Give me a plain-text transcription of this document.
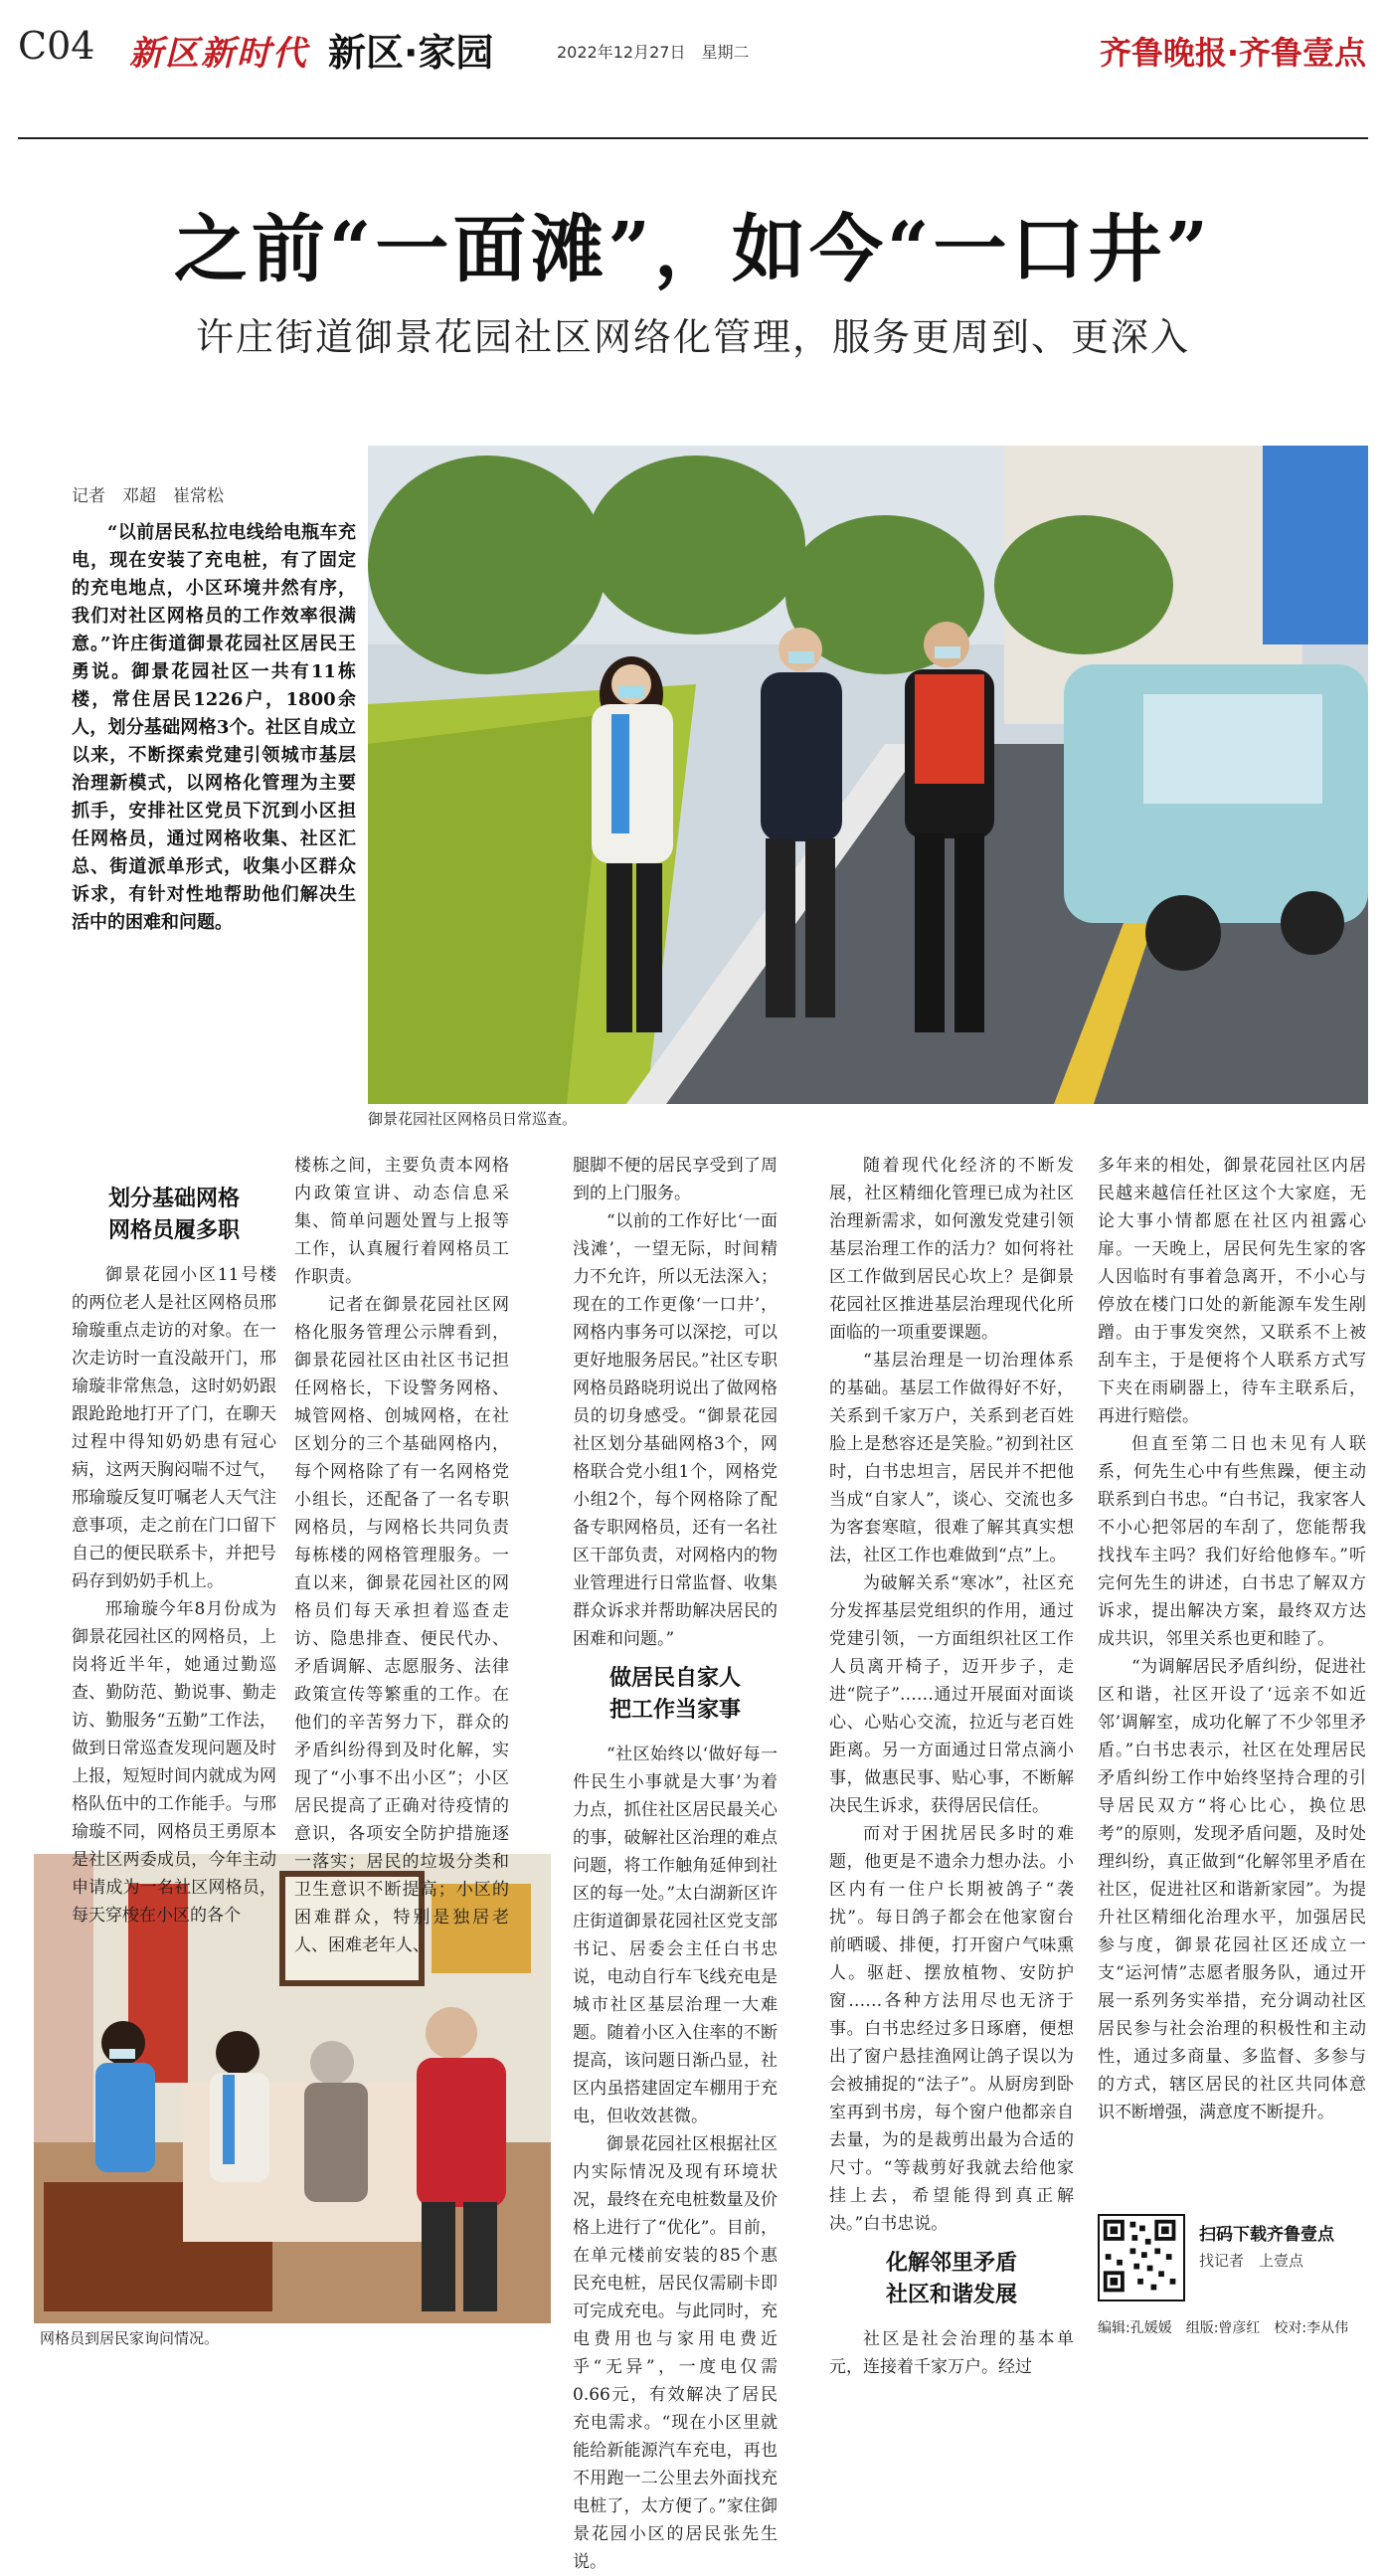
C04 新区新时代 新区·家园	2022年12月27日　星期二	齐鲁晚报·齐鲁壹点
之前“一面滩”，如今“一口井”
许庄街道御景花园社区网络化管理，服务更周到、更深入
记者　邓超　崔常松

“以前居民私拉电线给电瓶车充电，现在安装了充电桩，有了固定的充电地点，小区环境井然有序，我们对社区网格员的工作效率很满意。”许庄街道御景花园社区居民王勇说。御景花园社区一共有11栋楼，常住居民1226户，1800余人，划分基础网格3个。社区自成立以来，不断探索党建引领城市基层治理新模式，以网格化管理为主要抓手，安排社区党员下沉到小区担任网格员，通过网格收集、社区汇总、街道派单形式，收集小区群众诉求，有针对性地帮助他们解决生活中的困难和问题。

御景花园社区网格员日常巡查。
网格员到居民家询问情况。
划分基础网格
网格员履多职

御景花园小区11号楼的两位老人是社区网格员邢瑜璇重点走访的对象。在一次走访时一直没敲开门，邢瑜璇非常焦急，这时奶奶跟跟跄跄地打开了门，在聊天过程中得知奶奶患有冠心病，这两天胸闷喘不过气，邢瑜璇反复叮嘱老人天气注意事项，走之前在门口留下自己的便民联系卡，并把号码存到奶奶手机上。

邢瑜璇今年8月份成为御景花园社区的网格员，上岗将近半年，她通过勤巡查、勤防范、勤说事、勤走访、勤服务“五勤”工作法，做到日常巡查发现问题及时上报，短短时间内就成为网格队伍中的工作能手。与邢瑜璇不同，网格员王勇原本是社区两委成员，今年主动申请成为一名社区网格员，每天穿梭在小区的各个

楼栋之间，主要负责本网格内政策宣讲、动态信息采集、简单问题处置与上报等工作，认真履行着网格员工作职责。

记者在御景花园社区网格化服务管理公示牌看到，御景花园社区由社区书记担任网格长，下设警务网格、城管网格、创城网格，在社区划分的三个基础网格内，每个网格除了有一名网格党小组长，还配备了一名专职网格员，与网格长共同负责每栋楼的网格管理服务。一直以来，御景花园社区的网格员们每天承担着巡查走访、隐患排查、便民代办、矛盾调解、志愿服务、法律政策宣传等繁重的工作。在他们的辛苦努力下，群众的矛盾纠纷得到及时化解，实现了“小事不出小区”；小区居民提高了正确对待疫情的意识，各项安全防护措施逐一落实；居民的垃圾分类和卫生意识不断提高；小区的困难群众，特别是独居老人、困难老年人、

腿脚不便的居民享受到了周到的上门服务。

“以前的工作好比‘一面浅滩’，一望无际，时间精力不允许，所以无法深入；现在的工作更像‘一口井’，网格内事务可以深挖，可以更好地服务居民。”社区专职网格员路晓玥说出了做网格员的切身感受。“御景花园社区划分基础网格3个，网格联合党小组1个，网格党小组2个，每个网格除了配备专职网格员，还有一名社区干部负责，对网格内的物业管理进行日常监督、收集群众诉求并帮助解决居民的困难和问题。”

做居民自家人
把工作当家事

“社区始终以‘做好每一件民生小事就是大事’为着力点，抓住社区居民最关心的事，破解社区治理的难点问题，将工作触角延伸到社区的每一处。”太白湖新区许庄街道御景花园社区党支部书记、居委会主任白书忠说，电动自行车飞线充电是城市社区基层治理一大难题。随着小区入住率的不断提高，该问题日渐凸显，社区内虽搭建固定车棚用于充电，但收效甚微。

御景花园社区根据社区内实际情况及现有环境状况，最终在充电桩数量及价格上进行了“优化”。目前，在单元楼前安装的85个惠民充电桩，居民仅需刷卡即可完成充电。与此同时，充电费用也与家用电费近乎“无异”，一度电仅需0.66元，有效解决了居民充电需求。“现在小区里就能给新能源汽车充电，再也不用跑一二公里去外面找充电桩了，太方便了。”家住御景花园小区的居民张先生说。

随着现代化经济的不断发展，社区精细化管理已成为社区治理新需求，如何激发党建引领基层治理工作的活力？如何将社区工作做到居民心坎上？是御景花园社区推进基层治理现代化所面临的一项重要课题。

“基层治理是一切治理体系的基础。基层工作做得好不好，关系到千家万户，关系到老百姓脸上是愁容还是笑脸。”初到社区时，白书忠坦言，居民并不把他当成“自家人”，谈心、交流也多为客套寒暄，很难了解其真实想法，社区工作也难做到“点”上。

为破解关系“寒冰”，社区充分发挥基层党组织的作用，通过党建引领，一方面组织社区工作人员离开椅子，迈开步子，走进“院子”……通过开展面对面谈心、心贴心交流，拉近与老百姓距离。另一方面通过日常点滴小事，做惠民事、贴心事，不断解决民生诉求，获得居民信任。

而对于困扰居民多时的难题，他更是不遗余力想办法。小区内有一住户长期被鸽子“袭扰”。每日鸽子都会在他家窗台前晒暖、排便，打开窗户气味熏人。驱赶、摆放植物、安防护窗……各种方法用尽也无济于事。白书忠经过多日琢磨，便想出了窗户悬挂渔网让鸽子误以为会被捕捉的“法子”。从厨房到卧室再到书房，每个窗户他都亲自去量，为的是裁剪出最为合适的尺寸。“等裁剪好我就去给他家挂上去，希望能得到真正解决。”白书忠说。

化解邻里矛盾
社区和谐发展

社区是社会治理的基本单元，连接着千家万户。经过

多年来的相处，御景花园社区内居民越来越信任社区这个大家庭，无论大事小情都愿在社区内祖露心扉。一天晚上，居民何先生家的客人因临时有事着急离开，不小心与停放在楼门口处的新能源车发生剐蹭。由于事发突然，又联系不上被刮车主，于是便将个人联系方式写下夹在雨刷器上，待车主联系后，再进行赔偿。

但直至第二日也未见有人联系，何先生心中有些焦躁，便主动联系到白书忠。“白书记，我家客人不小心把邻居的车刮了，您能帮我找找车主吗？我们好给他修车。”听完何先生的讲述，白书忠了解双方诉求，提出解决方案，最终双方达成共识，邻里关系也更和睦了。

“为调解居民矛盾纠纷，促进社区和谐，社区开设了‘远亲不如近邻’调解室，成功化解了不少邻里矛盾。”白书忠表示，社区在处理居民矛盾纠纷工作中始终坚持合理的引导居民双方“将心比心，换位思考”的原则，发现矛盾问题，及时处理纠纷，真正做到“化解邻里矛盾在社区，促进社区和谐新家园”。为提升社区精细化治理水平，加强居民参与度，御景花园社区还成立一支“运河情”志愿者服务队，通过开展一系列务实举措，充分调动社区居民参与社会治理的积极性和主动性，通过多商量、多监督、多参与的方式，辖区居民的社区共同体意识不断增强，满意度不断提升。

扫码下载齐鲁壹点
找记者　上壹点
编辑:孔媛媛　组版:曾彦红　校对:李从伟
